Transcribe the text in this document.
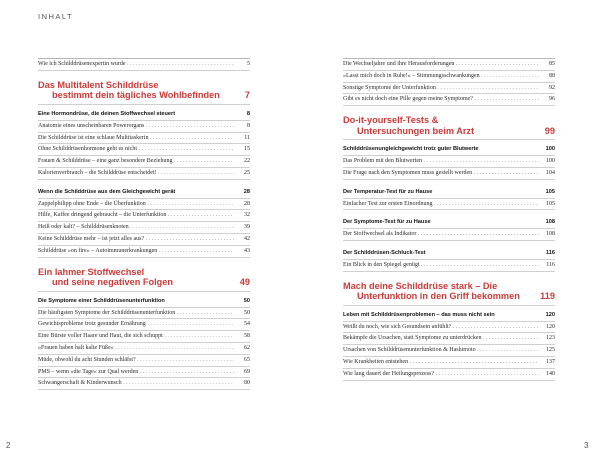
INHALT
Wie ich Schilddrüsenexpertin wurde . . .	5
Das Multitalent Schilddrüse
bestimmt dein tägliches Wohlbefinden	7
Eine Hormondrüse, die deinen Stoffwechsel steuert	8
Anatomie eines unscheinbaren Powerorgans . . .	8
Die Schilddrüse ist eine schlaue Multitaskerin . . .	11
Ohne Schilddrüsenhormone geht es nicht . . .	15
Frauen & Schilddrüse – eine ganz besondere Beziehung . . .	22
Kalorienverbrauch – die Schilddrüse entscheidet! . . .	25
Wenn die Schilddrüse aus dem Gleichgewicht gerät	28
Zappelphilipp ohne Ende – die Überfunktion . . .	28
Hilfe, Kaffee dringend gebraucht – die Unterfunktion . . .	32
Heiß oder kalt? – Schilddrüsenknoten . . .	39
Keine Schilddrüse mehr – ist jetzt alles aus? . . .	42
Schilddrüse »on fire« – Autoimmunerkrankungen . . .	43
Ein lahmer Stoffwechsel
und seine negativen Folgen	49
Die Symptome einer Schilddrüsenunterfunktion	50
Die häufigsten Symptome der Schilddrüsenunterfunktion . . .	50
Gewichtsprobleme trotz gesunder Ernährung . . .	54
Eine Bürste voller Haare und Haut, die sich schuppt . . .	58
»Frauen haben halt kalte Füße« . . .	62
Müde, obwohl du acht Stunden schläfst? . . .	65
PMS – wenn »die Tage« zur Qual werden . . .	69
Schwangerschaft & Kinderwunsch . . .	80
Die Wechseljahre und ihre Herausforderungen . . .	85
»Lasst mich doch in Ruhe!« – Stimmungsschwankungen . . .	88
Sonstige Symptome der Unterfunktion . . .	92
Gibt es nicht doch eine Pille gegen meine Symptome? . . .	96
Do-it-yourself-Tests &
Untersuchungen beim Arzt	99
Schilddrüsenungleichgewicht trotz guter Blutwerte	100
Das Problem mit den Blutwerten . . .	100
Die Frage nach den Symptomen muss gestellt werden . . .	104
Der Temperatur-Test für zu Hause	105
Einfacher Test zur ersten Einordnung . . .	105
Der Symptome-Test für zu Hause	108
Der Stoffwechsel als Indikator . . .	108
Der Schilddrüsen-Schluck-Test	116
Ein Blick in den Spiegel genügt . . .	116
Mach deine Schilddrüse stark – Die
Unterfunktion in den Griff bekommen	119
Leben mit Schilddrüsenproblemen – das muss nicht sein	120
Weißt du noch, wie sich Gesundsein anfühlt? . . .	120
Bekämpfe die Ursachen, statt Symptome zu unterdrücken . . .	123
Ursachen von Schilddrüsenunterfunktion & Hashimoto . . .	125
Wie Krankheiten entstehen . . .	137
Wie lang dauert der Heilungsprozess? . . .	140
2	3
